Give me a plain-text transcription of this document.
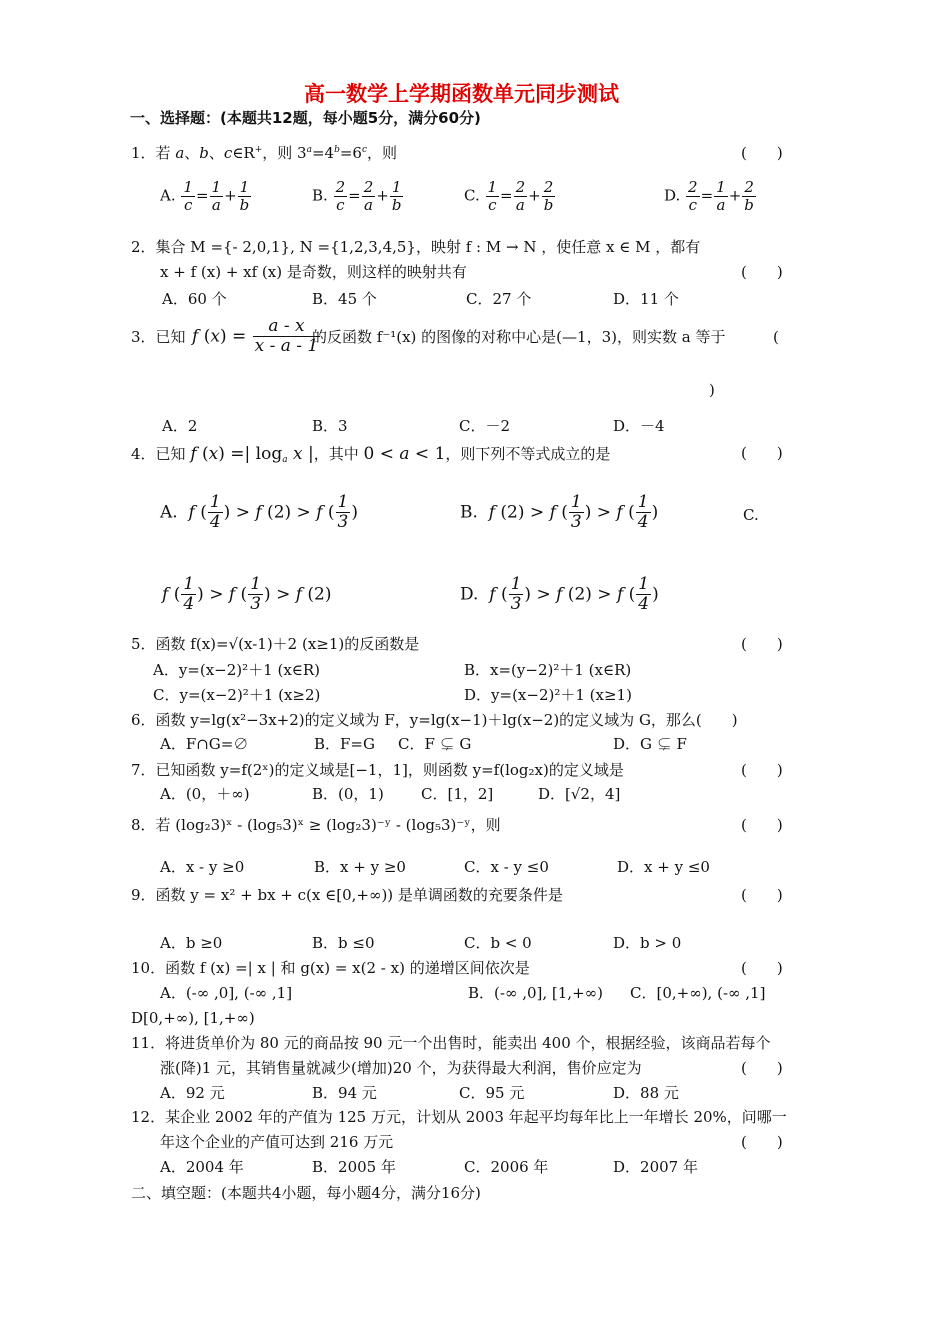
高一数学上学期函数单元同步测试
一、选择题：(本题共12题，每小题5分，满分60分)
1．若 a、b、c∈R+，则 $3^a=4^b=6^c$，则	(　　)
A. $\frac{1}{c} = \frac{1}{a} + \frac{1}{b}$	B. $\frac{2}{c} = \frac{2}{a} + \frac{1}{b}$	C. $\frac{1}{c} = \frac{2}{a} + \frac{2}{b}$	D. $\frac{2}{c} = \frac{1}{a} + \frac{2}{b}$
2．集合 M ={- 2,0,1}, N ={1,2,3,4,5}，映射 f : M → N ，使任意 x ∈ M ，都有
x + f (x) + xf (x) 是奇数，则这样的映射共有	(　　)
A．60 个	B．45 个	C．27 个	D．11 个
3．已知 f $(x) = \frac{a - x}{x - a - 1}$
的反函数 f⁻¹(x) 的图像的对称中心是(—1，3)，则实数 a 等于	(
)
A．2	B．3	C．－2	D．－4
4．已知 f (x) =| $\log_a x$ |，其中 0 < a < 1，则下列不等式成立的是	(　　)
A. f ( $\frac{1}{4}$ ) > f (2) > f ( $\frac{1}{3}$ )	B. f (2) > f ( $\frac{1}{3}$ ) > f ( $\frac{1}{4}$ )	C.
f ( $\frac{1}{4}$ ) > f ( $\frac{1}{3}$ ) > f (2)	D. f ( $\frac{1}{3}$ ) > f (2) > f ( $\frac{1}{4}$ )
5．函数 f(x)=√(x-1)＋2 (x≥1)的反函数是	(　　)
A．y=(x−2)²＋1 (x∈R)	B．x=(y−2)²＋1 (x∈R)
C．y=(x−2)²＋1 (x≥2)	D．y=(x−2)²＋1 (x≥1)
6．函数 y=lg(x²−3x+2)的定义域为 F，y=lg(x−1)＋lg(x−2)的定义域为 G，那么(　　)
A．F∩G=∅	B．F=G C．F ⊊ G	D．G ⊊ F
7．已知函数 y=f(2ˣ)的定义域是[−1，1]，则函数 y=f(log₂x)的定义域是	(　　)
A．(0，＋∞)	B．(0，1) C．[1，2]	D．[√2，4]
8．若 (log₂3)ˣ - (log₅3)ˣ ≥ (log₂3)⁻ʸ - (log₅3)⁻ʸ，则	(　　)
A．x - y ≥0	B．x + y ≥0	C．x - y ≤0	D．x + y ≤0
9．函数 y = x² + bx + c(x ∈[0,+∞)) 是单调函数的充要条件是	(　　)
A．b ≥0	B．b ≤0	C．b < 0	D．b > 0
10．函数 f (x) =| x | 和 g(x) = x(2 - x) 的递增区间依次是	(　　)
A．(-∞ ,0], (-∞ ,1]	B．(-∞ ,0], [1,+∞) C．[0,+∞), (-∞ ,1]
D[0,+∞), [1,+∞)
11．将进货单价为 80 元的商品按 90 元一个出售时，能卖出 400 个，根据经验，该商品若每个
涨(降)1 元，其销售量就减少(增加)20 个，为获得最大利润，售价应定为	(　　)
A．92 元	B．94 元	C．95 元	D．88 元
12．某企业 2002 年的产值为 125 万元，计划从 2003 年起平均每年比上一年增长 20%，问哪一
年这个企业的产值可达到 216 万元	(　　)
A．2004 年	B．2005 年	C．2006 年	D．2007 年
二、填空题：(本题共4小题，每小题4分，满分16分)
